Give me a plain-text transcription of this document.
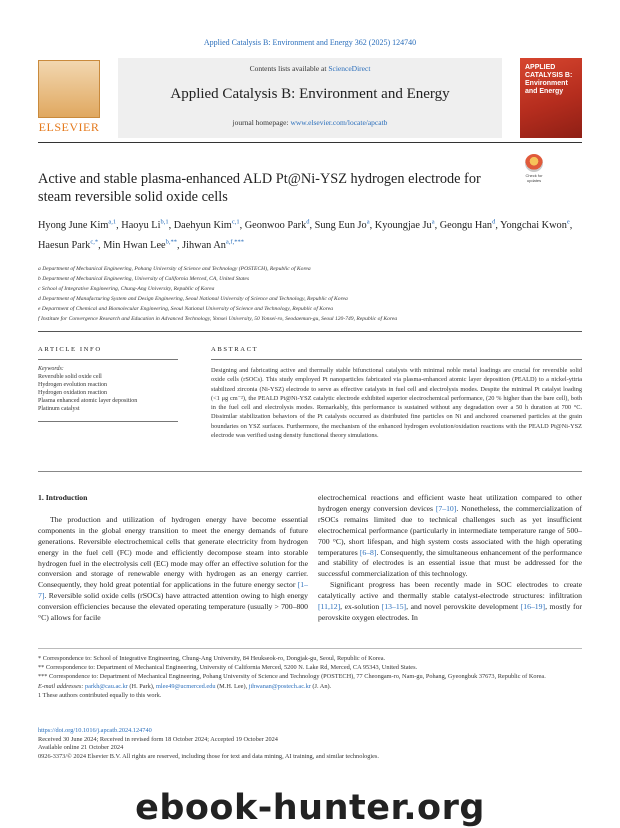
Applied Catalysis B: Environment and Energy 362 (2025) 124740
ELSEVIER
Contents lists available at ScienceDirect
Applied Catalysis B: Environment and Energy
journal homepage: www.elsevier.com/locate/apcatb
APPLIED CATALYSIS B: Environment and Energy
Check for updates
Active and stable plasma-enhanced ALD Pt@Ni-YSZ hydrogen electrode for steam reversible solid oxide cells
Hyong June Kim$^{a,1}$, Haoyu Li$^{b,1}$, Daehyun Kim$^{c,1}$, Geonwoo Park$^d$, Sung Eun Jo$^a$, Kyoungjae Ju$^a$, Geongu Han$^d$, Yongchai Kwon$^e$, Haesun Park$^{c,*}$, Min Hwan Lee$^{b,**}$, Jihwan $An^{a,f,***}$
a Department of Mechanical Engineering, Pohang University of Science and Technology (POSTECH), Republic of Korea
b Department of Mechanical Engineering, University of California Merced, CA, United States
c School of Integrative Engineering, Chung-Ang University, Republic of Korea
d Department of Manufacturing System and Design Engineering, Seoul National University of Science and Technology, Republic of Korea
e Department of Chemical and Biomolecular Engineering, Seoul National University of Science and Technology, Republic of Korea
f Institute for Convergence Research and Education in Advanced Technology, Yonsei University, 50 Yonsei-ro, Seodaemun-gu, Seoul 120-749, Republic of Korea
ARTICLE INFO	ABSTRACT
Keywords:
Reversible solid oxide cell
Hydrogen evolution reaction
Hydrogen oxidation reaction
Plasma enhanced atomic layer deposition
Platinum catalyst
Designing and fabricating active and thermally stable bifunctional catalysts with minimal noble metal loadings are crucial for reversible solid oxide cells (rSOCs). This study employed Pt nanoparticles fabricated via plasma-enhanced atomic layer deposition (PEALD) to a nickel-yttria stabilized zirconia (Ni-YSZ) electrode to serve as effective catalysts in fuel cell and electrolysis modes. Despite the minimal Pt catalyst loading (<1 μg cm⁻²), the PEALD Pt@Ni-YSZ catalytic electrode exhibited superior electrochemical performance, (20 % higher than the bare cell), both in the fuel cell and electrolysis modes. Remarkably, this performance is sustained without any degradation over a 50 h duration at 700 °C. Dissimilar stabilization behaviors of the Pt catalysts occurred as distributed fine particles on Ni and anchored coarsened particles at the grain boundaries on YSZ surfaces. Furthermore, the mechanism of the enhanced hydrogen evolution/oxidation reactions with the PEALD Pt@Ni-YSZ electrode was verified using density functional theory simulations.
1. Introduction
The production and utilization of hydrogen energy have become essential components in the global energy transition to meet the energy demands of future generations. Reversible electrochemical cells that generate electricity from hydrogen energy in the fuel cell (FC) mode and efficiently decompose steam into storable hydrogen fuel in the electrolysis cell (EC) mode may offer an effective solution for the conversion and storage of renewable energy with hydrogen as an energy carrier. Consequently, they hold great potential for applications in the future energy sector [1–7]. Reversible solid oxide cells (rSOCs) have attracted attention owing to high energy conversion efficiencies because the elevated operating temperature (usually > 700–800 °C) allows for facile
electrochemical reactions and efficient waste heat utilization compared to other hydrogen energy conversion devices [7–10]. Nonetheless, the commercialization of rSOCs remains limited due to technical challenges such as yet insufficient electrochemical performance (particularly in intermediate temperature range of 500–700 °C), short lifespan, and high system costs associated with the high operating temperatures [6–8]. Consequently, the simultaneous enhancement of the performance and stability of electrodes is an essential issue that must be addressed for the successful commercialization of this technology.
Significant progress has been recently made in SOC electrodes to create catalytically active and thermally stable catalyst-electrode structures: infiltration [11,12], ex-solution [13–15], and novel perovskite development [16–19], mostly for perovskite oxygen electrodes. In
* Correspondence to: School of Integrative Engineering, Chung-Ang University, 84 Heukseok-ro, Dongjak-gu, Seoul, Republic of Korea.
** Correspondence to: Department of Mechanical Engineering, University of California Merced, 5200 N. Lake Rd, Merced, CA 95343, United States.
*** Correspondence to: Department of Mechanical Engineering, Pohang University of Science and Technology (POSTECH), 77 Cheongam-ro, Nam-gu, Pohang, Gyeongbuk 37673, Republic of Korea.
E-mail addresses: parkh@cau.ac.kr (H. Park), mlee49@ucmerced.edu (M.H. Lee), jihwanan@postech.ac.kr (J. An).
1 These authors contributed equally to this work.
https://doi.org/10.1016/j.apcatb.2024.124740
Received 30 June 2024; Received in revised form 18 October 2024; Accepted 19 October 2024
Available online 21 October 2024
0926-3373/© 2024 Elsevier B.V. All rights are reserved, including those for text and data mining, AI training, and similar technologies.
ebook-hunter.org
